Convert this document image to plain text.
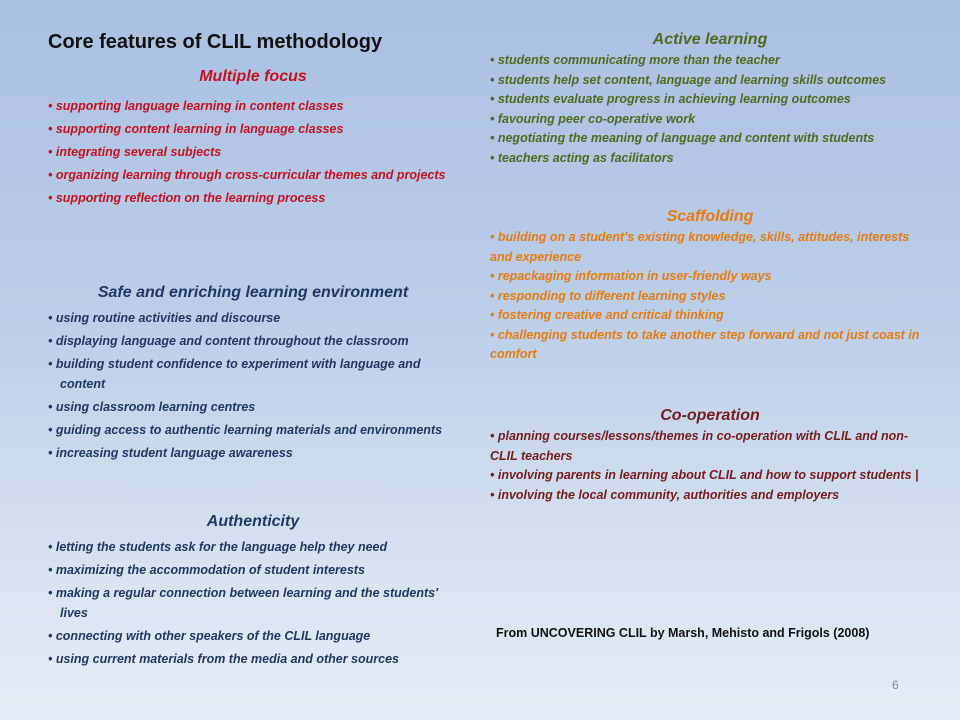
Core features of CLIL methodology
Multiple focus

• supporting language learning in content classes

• supporting content learning in language classes

• integrating several subjects

• organizing learning through cross-curricular themes and projects

• supporting reflection on the learning process

Safe and enriching learning environment

• using routine activities and discourse

• displaying language and content throughout the classroom

• building student confidence to experiment with language and content

• using classroom learning centres

• guiding access to authentic learning materials and environments

• increasing student language awareness

Authenticity

• letting the students ask for the language help they need

• maximizing the accommodation of student interests

• making a regular connection between learning and the students' lives

• connecting with other speakers of the CLIL language

• using current materials from the media and other sources

Active learning

• students communicating more than the teacher

• students help set content, language and learning skills outcomes

• students evaluate progress in achieving learning outcomes

• favouring peer co-operative work

• negotiating the meaning of language and content with students

• teachers acting as facilitators

Scaffolding

• building on a student's existing knowledge, skills, attitudes, interests and experience

• repackaging information in user-friendly ways

• responding to different learning styles

• fostering creative and critical thinking

• challenging students to take another step forward and not just coast in comfort

Co-operation

• planning courses/lessons/themes in co-operation with CLIL and non-CLIL teachers

• involving parents in learning about CLIL and how to support students |

• involving the local community, authorities and employers

From UNCOVERING CLIL by Marsh, Mehisto and Frigols (2008)
6
